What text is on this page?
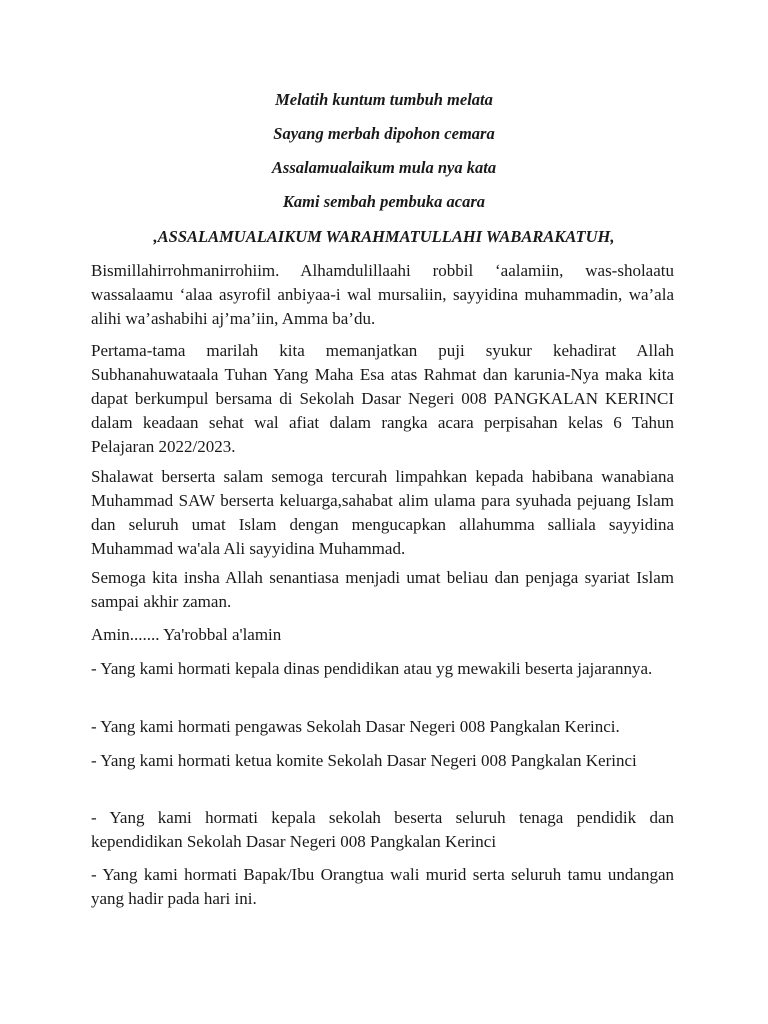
Melatih kuntum tumbuh melata
Sayang merbah dipohon cemara
Assalamualaikum mula nya kata
Kami sembah pembuka acara
,ASSALAMUALAIKUM WARAHMATULLAHI WABARAKATUH,
Bismillahirrohmanirrohiim. Alhamdulillaahi robbil ‘aalamiin, was-sholaatu wassalaamu ‘alaa asyrofil anbiyaa-i wal mursaliin, sayyidina muhammadin, wa’ala alihi wa’ashabihi aj’ma’iin, Amma ba’du.
Pertama-tama marilah kita memanjatkan puji syukur kehadirat Allah Subhanahuwataala Tuhan Yang Maha Esa atas Rahmat dan karunia-Nya maka kita dapat berkumpul bersama di Sekolah Dasar Negeri 008 PANGKALAN KERINCI dalam keadaan sehat wal afiat dalam rangka acara perpisahan kelas 6 Tahun Pelajaran 2022/2023.
Shalawat berserta salam semoga tercurah limpahkan kepada habibana wanabiana Muhammad SAW berserta keluarga,sahabat alim ulama para syuhada pejuang Islam dan seluruh umat Islam dengan mengucapkan allahumma salliala sayyidina Muhammad wa'ala Ali sayyidina Muhammad.
Semoga kita insha Allah senantiasa menjadi umat beliau dan penjaga syariat Islam sampai akhir zaman.
Amin....... Ya'robbal a'lamin
- Yang kami hormati kepala dinas pendidikan atau yg mewakili beserta jajarannya.
- Yang kami hormati pengawas Sekolah Dasar Negeri 008 Pangkalan Kerinci.
- Yang kami hormati ketua komite Sekolah Dasar Negeri 008 Pangkalan Kerinci
- Yang kami hormati kepala sekolah beserta seluruh tenaga pendidik dan kependidikan Sekolah Dasar Negeri 008 Pangkalan Kerinci
- Yang kami hormati Bapak/Ibu Orangtua wali murid serta seluruh tamu undangan yang hadir pada hari ini.
